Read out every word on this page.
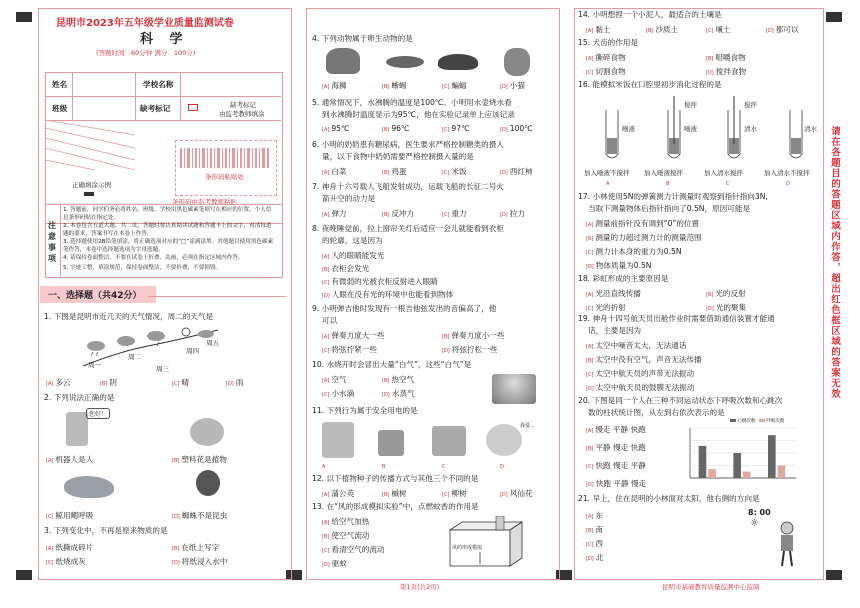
昆明市2023年五年级学业质量监测试卷
科 学
(答题时间：60分钟 满分：100分)
姓名	学校名称
班级	缺考标记	缺考标记
由监考教师填涂
条形码粘贴处
正确填涂示例
条形码由监考教师粘贴
注意事项
1. 答题前，同学们务必将姓名、班级、学校用黑色碳素笔填写在相应的位置，个人信息条形码贴在指定处。
2. 本卷包含五道大题，共二页，答题时要认真阅读试题和答题卡上的文字，看清每道题的要求，答案书写在本卷上作答。
3. 选择题使用2B铅笔填涂，将正确选项对应的“□”涂满涂黑。其他题目使用黑色碳素笔作答，本卷中选择题选项为字母选题。
4. 请保持卷面整洁，不要在试卷上折叠、乱画，必须在指定区域内作答。
5. 字迹工整，填涂规范，保持卷面整洁，不要折叠，不要损毁。
一、选择题（共42分）
1. 下图是昆明市近几天的天气情况，周二的天气是
周一
周二
周三
周四
周五
[A] 多云	[B] 阴	[C] 晴	[D] 雨
2. 下列说法正确的是
您好！
[A] 机器人是人	[B] 塑料花是植物
[C] 鲸用鳃呼吸	[D] 蜘蛛不是昆虫
3. 下列变化中，不再是原来物质的是
[A] 纸撕成碎片	[B] 在纸上写字
[C] 纸烧成灰	[D] 将纸浸入水中
4. 下列动物属于卵生动物的是
[A] 海狮	[B] 蜥蜴	[C] 蝙蝠	[D] 小猫
5. 通常情况下，水沸腾的温度是100℃。小明用水壶烧水看
到水沸腾时温度显示为95℃，他在实验记录单上应该记录
[A] 95℃	[B] 96℃	[C] 97℃	[D] 100℃
6. 小明的奶奶患有糖尿病，医生要求严格控制糖类的摄入
量，以下食物中奶奶需要严格控制摄入量的是
[A] 白菜	[B] 鸡蛋	[C] 米饭	[D] 西红柿
7. 神舟十六号载人飞船发射成功，运载飞船的长征二号火
箭升空的动力是
[A] 弹力	[B] 反冲力	[C] 重力	[D] 拉力
8. 夜晚睡觉前，拉上窗帘关灯后适应一会儿就能看到衣柜
的轮廓，这是因为
[A] 人的眼睛能发光
[B] 衣柜会发光
[C] 有微弱的光被衣柜反射进入眼睛
[D] 人眼在没有光的环境中也能看到物体
9. 小明弹吉他时发现有一根吉他弦发出的音偏高了，他
可以
[A] 弹奏力度大一些	[B] 弹奏力度小一些
[C] 将弦拧紧一些	[D] 将弦拧松一些
10. 水烧开时会冒出大量“白气”，这些“白气”是
[A] 空气	[B] 热空气
[C] 小水滴	[D] 水蒸气
11. 下列行为属于安全用电的是
我爱...
A	B	C	D
12. 以下植物种子的传播方式与其他三个不同的是
[A] 蒲公英	[B] 槭树	[C] 柳树	[D] 风仙花
13. 在“风的形成模拟实验”中，点燃蚊香的作用是
[A] 给空气加热
[B] 使空气流动
[C] 看清空气的流动
[D] 驱蚊
风的形成模拟
第1页(共2页)
14. 小明想捏一个小泥人，最适合的土壤是
[A] 黏土	[B] 沙质土	[C] 壤土	[D] 都可以
15. 犬齿的作用是
[A] 撕碎食物	[B] 咀嚼食物
[C] 切割食物	[D] 搅拌食物
16. 能模拟米饭在口腔里初步消化过程的是
唾液	唾液	清水	清水
搅拌	搅拌
加入唾液不搅拌 加入唾液搅拌	加入清水搅拌	加入清水不搅拌
A	B	C	D
17. 小林使用5N的弹簧测力计测量时观察到指针指向3N,
当取下测量物体后指针指向了0.5N，原因可能是
[A] 测量前指针没有调到“0”的位置
[B] 测量的力超过测力计的测量范围
[C] 测力计本身的重力为0.5N
[D] 物体质量为0.5N
18. 彩虹形成的主要原因是
[A] 光沿直线传播	[B] 光的反射
[C] 光的折射	[D] 光的聚集
19. 神舟十四号航天员出舱作业时需要借助通信装置才能通
话，主要是因为
[A] 太空中噪音太大，无法通话
[B] 太空中没有空气，声音无法传播
[C] 太空中航天员的声带无法振动
[D] 太空中航天员的鼓膜无法振动
20. 下图是同一个人在三种不同运动状态下呼吸次数和心跳次
数的柱状统计图，从左到右依次表示的是
[A] 慢走 平静 快跑
[B] 平静 慢走 快跑
[C] 快跑 慢走 平静
[D] 快跑 平静 慢走
心跳次数 呼吸次数
21. 早上，住在昆明的小林面对太阳，他右侧的方向是
[A] 东
[B] 南
[C] 西
[D] 北
8: 00
☼
昆明市基础教育质量监测中心监制
请在各题目的答题区域内作答，超出红色框区域的答案无效
